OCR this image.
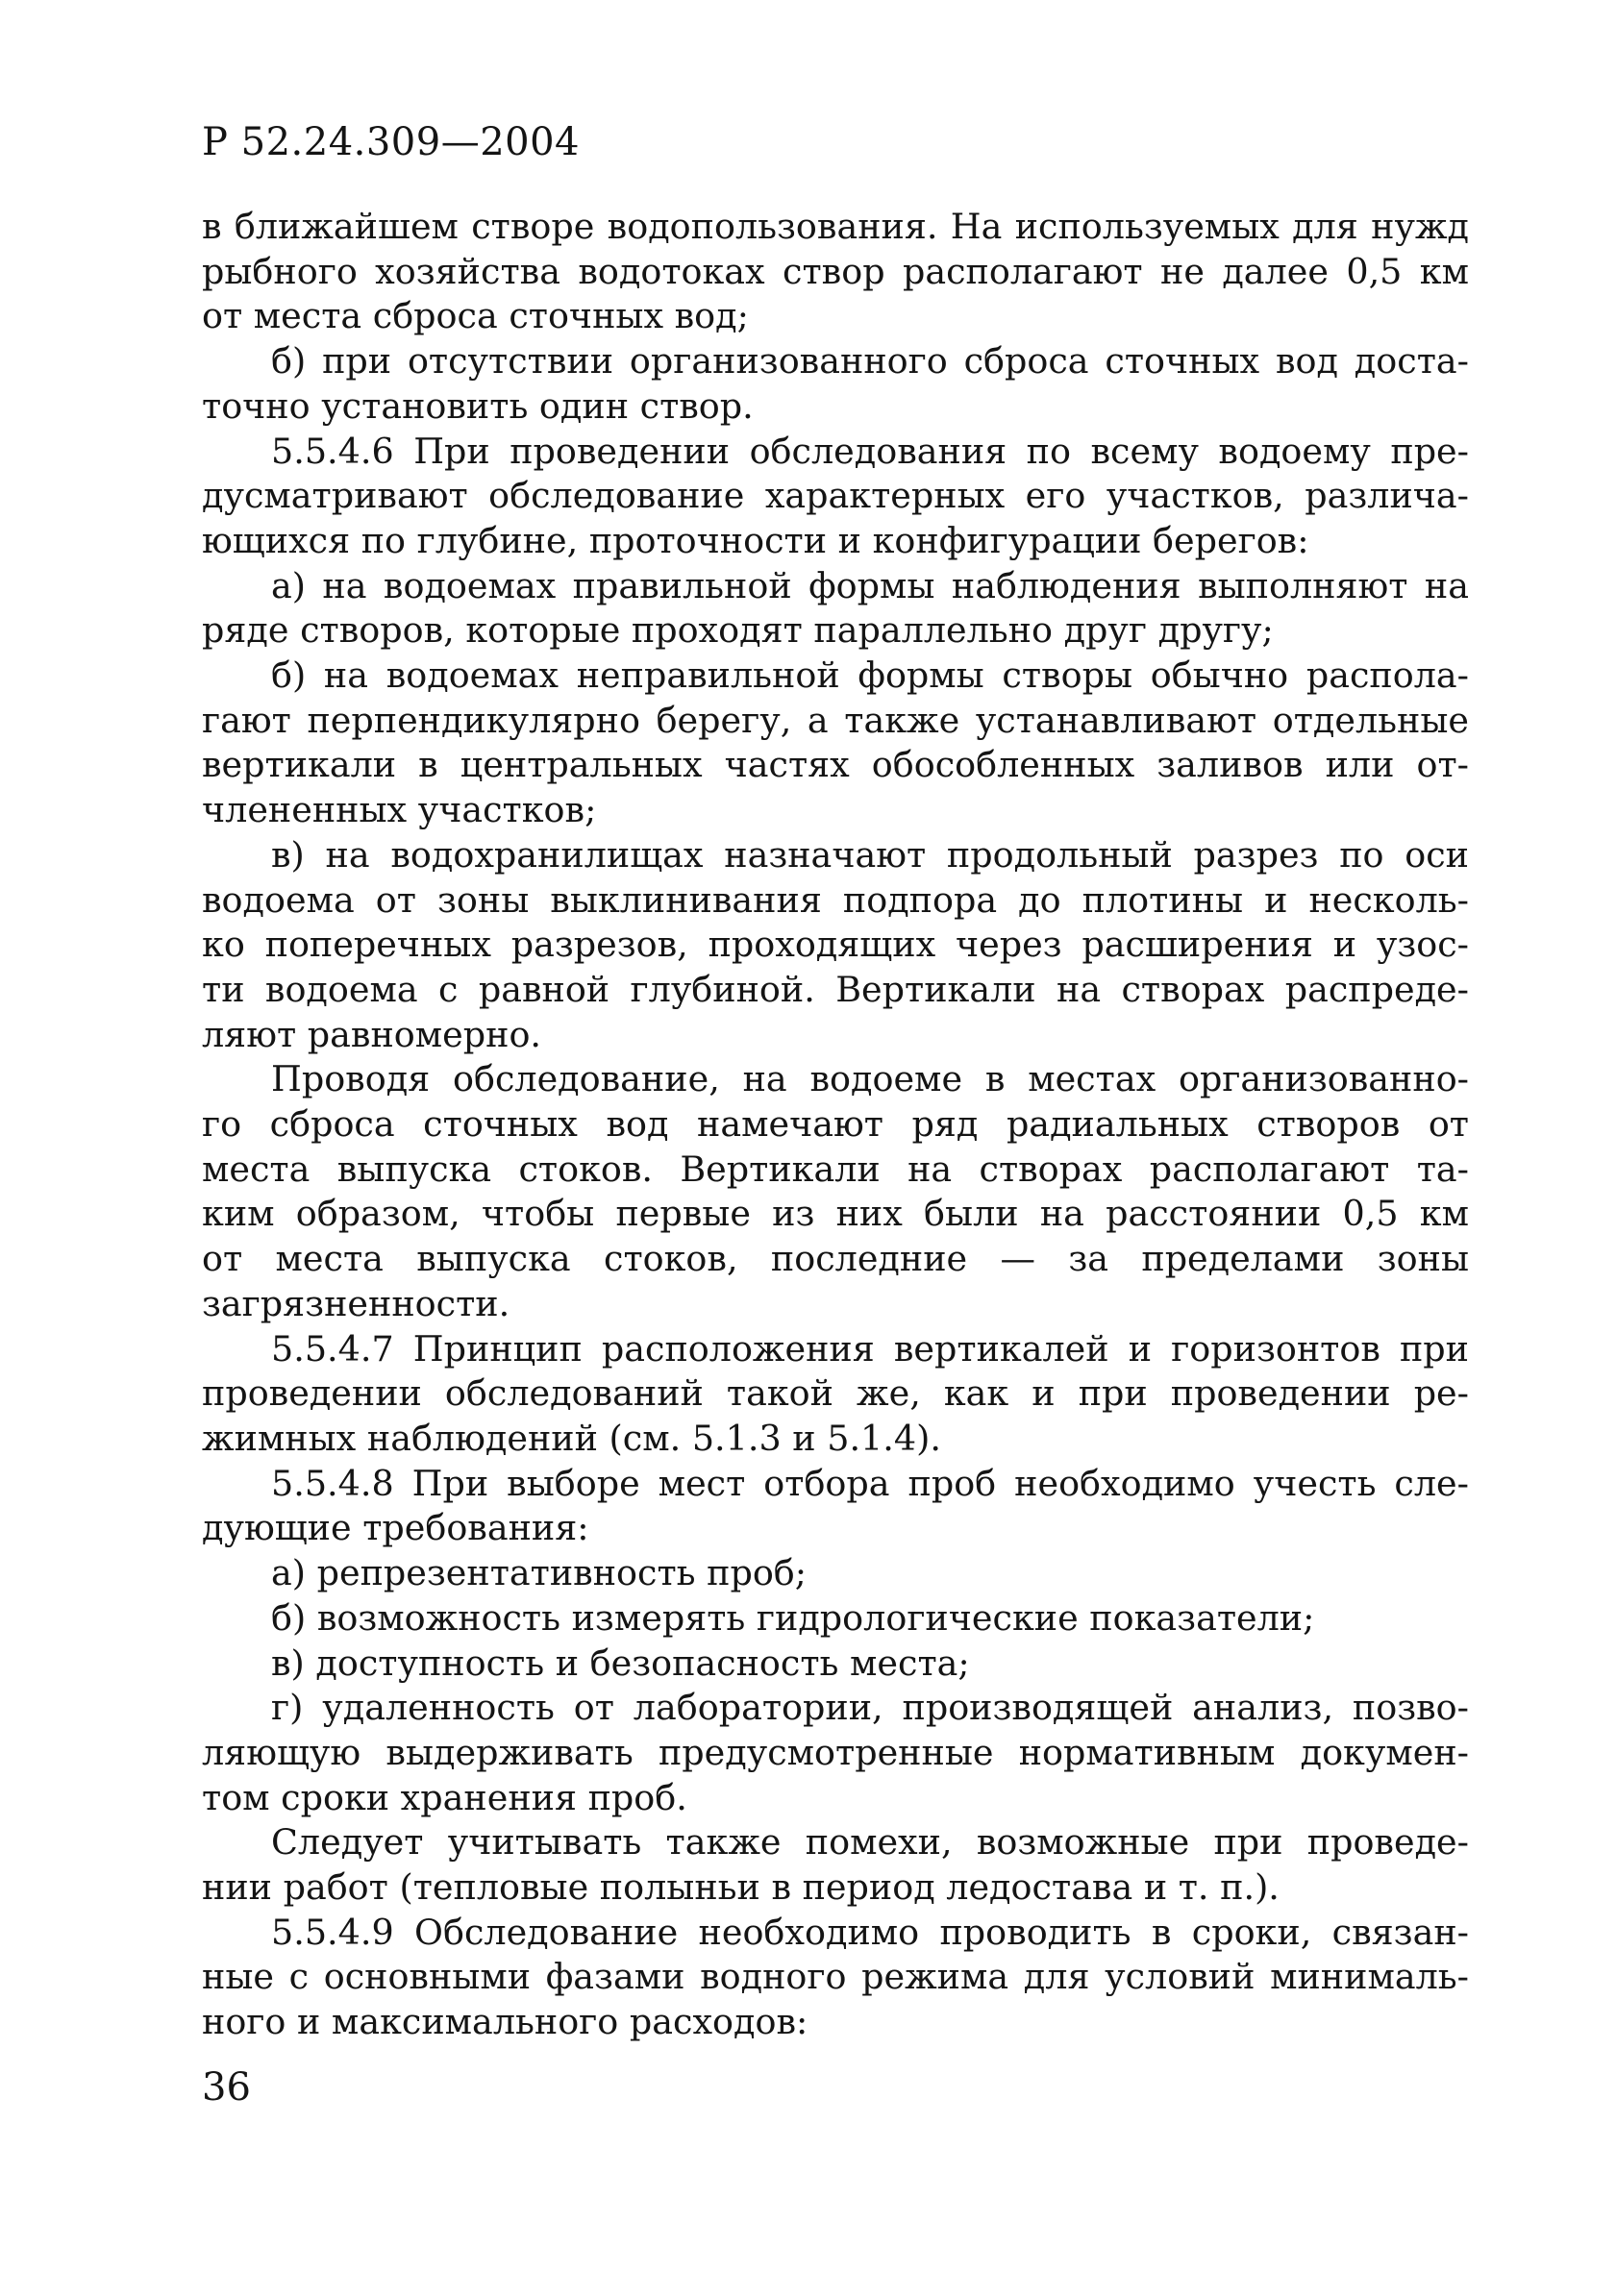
Р 52.24.309—2004

в ближайшем створе водопользования. На используемых для нужд

рыбного хозяйства водотоках створ располагают не далее 0,5 км

от места сброса сточных вод;

б) при отсутствии организованного сброса сточных вод доста-

точно установить один створ.

5.5.4.6 При проведении обследования по всему водоему пре-

дусматривают обследование характерных его участков, различа-

ющихся по глубине, проточности и конфигурации берегов:

а) на водоемах правильной формы наблюдения выполняют на

ряде створов, которые проходят параллельно друг другу;

б) на водоемах неправильной формы створы обычно распола-

гают перпендикулярно берегу, а также устанавливают отдельные

вертикали в центральных частях обособленных заливов или от-

члененных участков;

в) на водохранилищах назначают продольный разрез по оси

водоема от зоны выклинивания подпора до плотины и несколь-

ко поперечных разрезов, проходящих через расширения и узос-

ти водоема с равной глубиной. Вертикали на створах распреде-

ляют равномерно.

Проводя обследование, на водоеме в местах организованно-

го сброса сточных вод намечают ряд радиальных створов от

места выпуска стоков. Вертикали на створах располагают та-

ким образом, чтобы первые из них были на расстоянии 0,5 км

от места выпуска стоков, последние — за пределами зоны

загрязненности.

5.5.4.7 Принцип расположения вертикалей и горизонтов при

проведении обследований такой же, как и при проведении ре-

жимных наблюдений (см. 5.1.3 и 5.1.4).

5.5.4.8 При выборе мест отбора проб необходимо учесть сле-

дующие требования:

а) репрезентативность проб;

б) возможность измерять гидрологические показатели;

в) доступность и безопасность места;

г) удаленность от лаборатории, производящей анализ, позво-

ляющую выдерживать предусмотренные нормативным докумен-

том сроки хранения проб.

Следует учитывать также помехи, возможные при проведе-

нии работ (тепловые полыньи в период ледостава и т. п.).

5.5.4.9 Обследование необходимо проводить в сроки, связан-

ные с основными фазами водного режима для условий минималь-

ного и максимального расходов:

36
